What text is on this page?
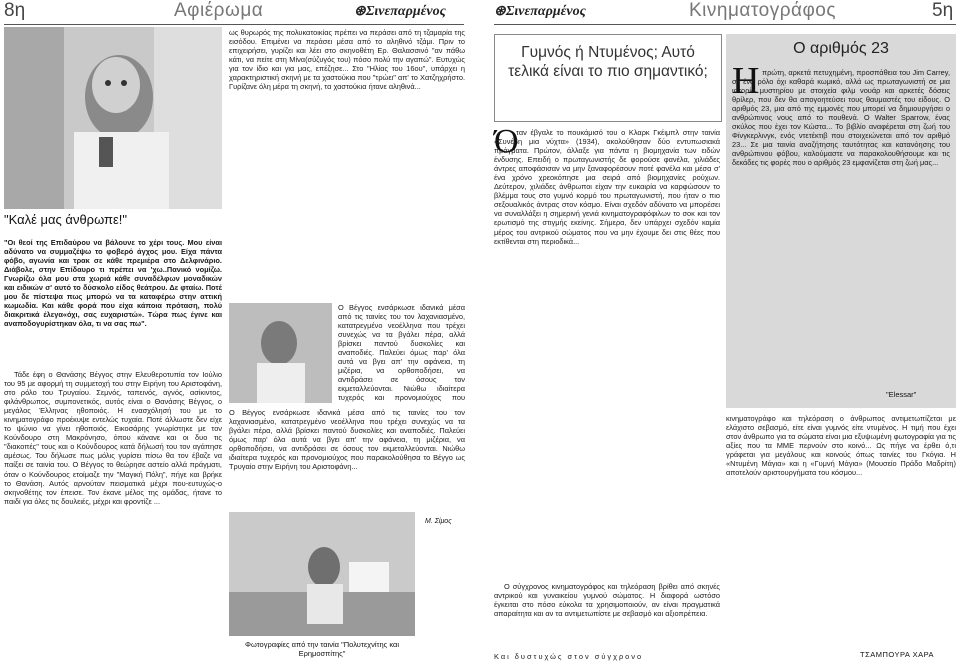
8η	Αφιέρωμα	⊛Σινεπαρμένος
"Καλέ μας άνθρωπε!"
"Οι θεοί της Επιδαύρου να βάλουνε το χέρι τους. Μου είναι αδύνατο να συμμαζέψω το φοβερό άγχος μου. Είχα πάντα φόβο, αγωνία και τρακ σε κάθε πρεμιέρα στο Δελφινάριο. Διάβολε, στην Επίδαυρο τι πρέπει να 'χω..Πανικό νομίζω. Γνωρίζω όλα μου στα χωριά κάθε συναδέλφων μοναδικών και ειδικών σ' αυτό το δύσκολο είδος θεάτρου. Δε φταίω. Ποτέ μου δε πίστεψα πως μπορώ να τα καταφέρω στην αττική κωμωδία. Και κάθε φορά που είχα κάποια πρόταση, πολύ διακριτικά έλεγα«όχι, σας ευχαριστώ». Τώρα πως έγινε και αναποδογυρίστηκαν όλα, τι να σας πω".
Τάδε έφη ο Θανάσης Βέγγος στην Ελευθεροτυπία τον Ιούλιο του 95 με αφορμή τη συμμετοχή του στην Ειρήνη του Αριστοφάνη, στο ρόλο του Τρυγαίου. Σεμνός, ταπεινός, αγνός, ασίκιντος, φιλάνθρωπος, συμπονετικός, αυτός είναι ο Θανάσης Βέγγος, ο μεγάλος Έλληνας ηθοποιός. Η ενασχόλησή του με το κινηματογράφο προέκυψε εντελώς τυχαία. Ποτέ άλλωστε δεν είχε το ψώνιο να γίνει ηθοποιός. Εικοσάρης γνωρίστηκε με τον Κούνδουρο στη Μακρόνησο, όπου κάνανε και οι δυο τις "διακοπές" τους και ο Κούνδουρος κατά δήλωσή του τον αγάπησε αμέσως. Του δήλωσε πως μόλις γυρίσει πίσω θα τον έβαζε να παίξει σε ταινία του. Ο Βέγγος το θεώρησε αστείο αλλά πράγματι, όταν ο Κούνδουρος ετοίμαζε την "Μαγική Πόλη", πήγε και βρήκε το Θανάση. Αυτός αρνούταν πεισματικά μέχρι που-ευτυχώς-ο σκηνοθέτης τον έπεισε. Τον έκανε μέλος της ομάδας, ήτανε το παιδί για όλες τις δουλειές, μέχρι και φροντίζε ...
ως θυρωρός της πολυκατοικίας πρέπει να περάσει από τη τζαμαρία της εισόδου. Επιμένει να περάσει μέσα από το αληθινό τζάμι. Πριν το επιχειρήσει, γυρίζει και λέει στο σκηνοθέτη Ερ. Θαλασσινό "αν πάθω κάτι, να πείτε στη Μίνα(σύζυγός του) πόσο πολύ την αγαπώ". Ευτυχώς για τον ίδιο και για μας, επέζησε... Στο "Ηλίας του 16ου", υπάρχει η χαρακτηριστική σκηνή με τα χαστούκια που "τρώει" απ' το Χατζηχρήστο. Γυρίζανε όλη μέρα τη σκηνή, τα χαστούκια ήτανε αληθινά...
Ο Βέγγος ενσάρκωσε ιδανικά μέσα από τις ταινίες του τον λαχανιασμένο, κατατρεγμένο νεοέλληνα που τρέχει συνεχώς να τα βγάλει πέρα, αλλά βρίσκει παντού δυσκολίες και αναποδιές. Παλεύει όμως παρ' όλα αυτά να βγει απ' την αφάνεια, τη μιζέρια, να ορθοποδήσει, να αντιδράσει σε όσους τον εκμεταλλεύονται. Νιώθω ιδιαίτερα τυχερός και προνομιούχος που
Ο Βέγγος ενσάρκωσε ιδανικά μέσα από τις ταινίες του τον λαχανιασμένο, κατατρεγμένο νεοέλληνα που τρέχει συνεχώς να τα βγάλει πέρα, αλλά βρίσκει παντού δυσκολίες και αναποδιές. Παλεύει όμως παρ' όλα αυτά να βγει απ' την αφάνεια, τη μιζέρια, να ορθοποδήσει, να αντιδράσει σε όσους τον εκμεταλλεύονται. Νιώθω ιδιαίτερα τυχερός και προνομιούχος που παρακολούθησα το Βέγγο ως Τρυγαίο στην Ειρήνη του Αριστοφάνη...
Μ. Σίμος
Φωτογραφίες από την ταινία "Πολυτεχνίτης και Ερημοσπίτης"
⊛Σινεπαρμένος	Κινηματογράφος	5η
Γυμνός ή Ντυμένος; Αυτό τελικά είναι το πιο σημαντικό;
Ό
ταν έβγαλε το πουκάμισό του ο Κλαρκ Γκέιμπλ στην ταινία «Συνέβη μια νύχτα» (1934), ακολούθησαν δύο εντυπωσιακά πράγματα. Πρώτον, άλλαξε για πάντα η βιομηχανία των ειδών ένδυσης. Επειδή ο πρωταγωνιστής δε φορούσε φανέλα, χιλιάδες άντρες αποφάσισαν να μην ξαναφορέσουν ποτέ φανέλα και μέσα σ' ένα χρόνο χρεοκόπησε μια σειρά από βιομηχανίες ρούχων. Δεύτερον, χιλιάδες άνθρωποι είχαν την ευκαιρία να καρφώσουν το βλέμμα τους στο γυμνό κορμό του πρωταγωνιστή, που ήταν ο πιο σεξουαλικός άντρας στον κόσμο. Είναι σχεδόν αδύνατο να μπορέσει να συναλλάξει η σημερινή γενιά κινηματογραφόφιλων το σοκ και τον ερωτισμό της στιγμής εκείνης. Σήμερα, δεν υπάρχει σχεδόν καμία μέρος του αντρικού σώματος που να μην έχουμε δει στις θέες που εκτίθενται στη περιοδικά...
Ο σύγχρονος κινηματογράφος και τηλεόραση βρίθει από σκηνές αντρικού και γυναικείου γυμνού σώματος. Η διαφορά ωστόσο έγκειται στο πόσο εύκολα τα χρησιμοποιούν, αν είναι πραγματικά απαραίτητα και αν τα αντιμετωπίστε με σεβασμό και αξιοπρέπεια.
Και δυστυχώς στον σύγχρονο
Ο αριθμός 23
Η πρώτη, αρκετά πετυχημένη, προσπάθεια του Jim Carrey, σε ένα ρόλο όχι καθαρά κωμικό, αλλά ως πρωταγωνιστή σε μια ιστορία μυστηρίου με στοιχεία φιλμ νουάρ και αρκετές δόσεις θρίλερ, που δεν θα απογοητεύσει τους θαυμαστές του είδους. Ο αριθμός 23, μια από της εμμονές που μπορεί να δημιουργήσει ο ανθρώπινος νους από το πουθενά. Ο Walter Sparrow, ένας σκύλος που έχει τον Κώστα... Το βιβλίο αναφέρεται στη ζωή του Φίνγκερλινγκ, ενός ντετέκτιβ που στοιχειώνεται από τον αριθμό 23... Σε μια ταινία αναζήτησης ταυτότητας και κατανόησης του ανθρώπινου φόβου, καλούμαστε να παρακολουθήσουμε και τις δεκάδες τις φορές που ο αριθμός 23 εμφανίζεται στη ζωή μας...
"Elessar"
κινηματογράφο και τηλεόραση ο άνθρωπος αντιμετωπίζεται με ελάχιστο σεβασμό, είτε είναι γυμνός είτε ντυμένος. Η τιμή που έχει στον άνθρωπο για τα σώματα είναι μια εξυψωμένη φωτογραφία για τις αξίες που τα ΜΜΕ περνούν στο κοινό... Ως πήγε να έρθει ό,τι γράφεται για μεγάλους και κοινούς όπως ταινίες του Γκόγια. Η «Ντυμένη Μάγια» και η «Γυμνή Μάγια» (Μουσείο Πράδο Μαδρίτη) αποτελούν αριστουργήματα του κόσμου...
ΤΣΑΜΠΟΥΡΑ ΧΑΡΑ
